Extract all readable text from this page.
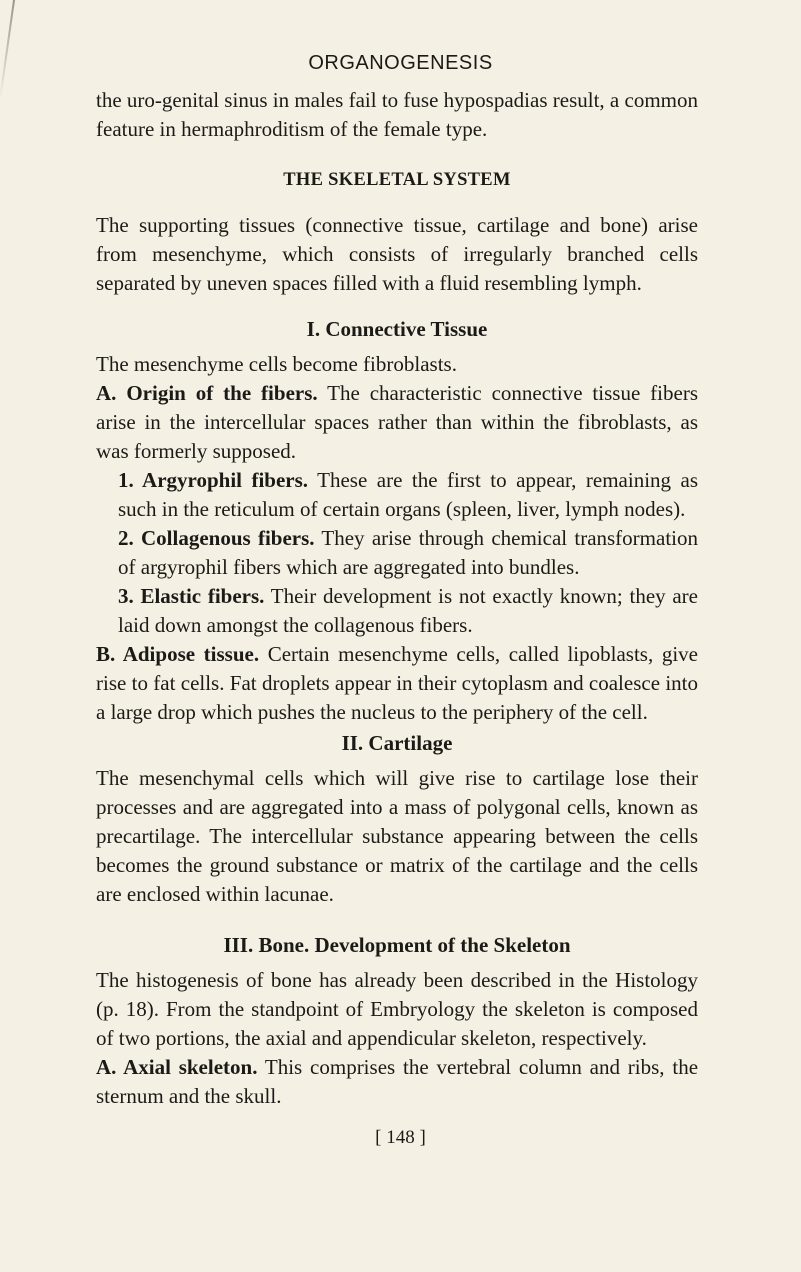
ORGANOGENESIS

the uro-genital sinus in males fail to fuse hypospadias result, a common feature in hermaphroditism of the female type.

THE SKELETAL SYSTEM

The supporting tissues (connective tissue, cartilage and bone) arise from mesenchyme, which consists of irregularly branched cells separated by uneven spaces filled with a fluid resembling lymph.

I. Connective Tissue

The mesenchyme cells become fibroblasts.

A. Origin of the fibers. The characteristic connective tissue fibers arise in the intercellular spaces rather than within the fibroblasts, as was formerly supposed.

1. Argyrophil fibers. These are the first to appear, remaining as such in the reticulum of certain organs (spleen, liver, lymph nodes).

2. Collagenous fibers. They arise through chemical transformation of argyrophil fibers which are aggregated into bundles.

3. Elastic fibers. Their development is not exactly known; they are laid down amongst the collagenous fibers.

B. Adipose tissue. Certain mesenchyme cells, called lipoblasts, give rise to fat cells. Fat droplets appear in their cytoplasm and coalesce into a large drop which pushes the nucleus to the periphery of the cell.

II. Cartilage

The mesenchymal cells which will give rise to cartilage lose their processes and are aggregated into a mass of polygonal cells, known as precartilage. The intercellular substance appearing between the cells becomes the ground substance or matrix of the cartilage and the cells are enclosed within lacunae.

III. Bone. Development of the Skeleton

The histogenesis of bone has already been described in the Histology (p. 18). From the standpoint of Embryology the skeleton is composed of two portions, the axial and appendicular skeleton, respectively.

A. Axial skeleton. This comprises the vertebral column and ribs, the sternum and the skull.

[ 148 ]
